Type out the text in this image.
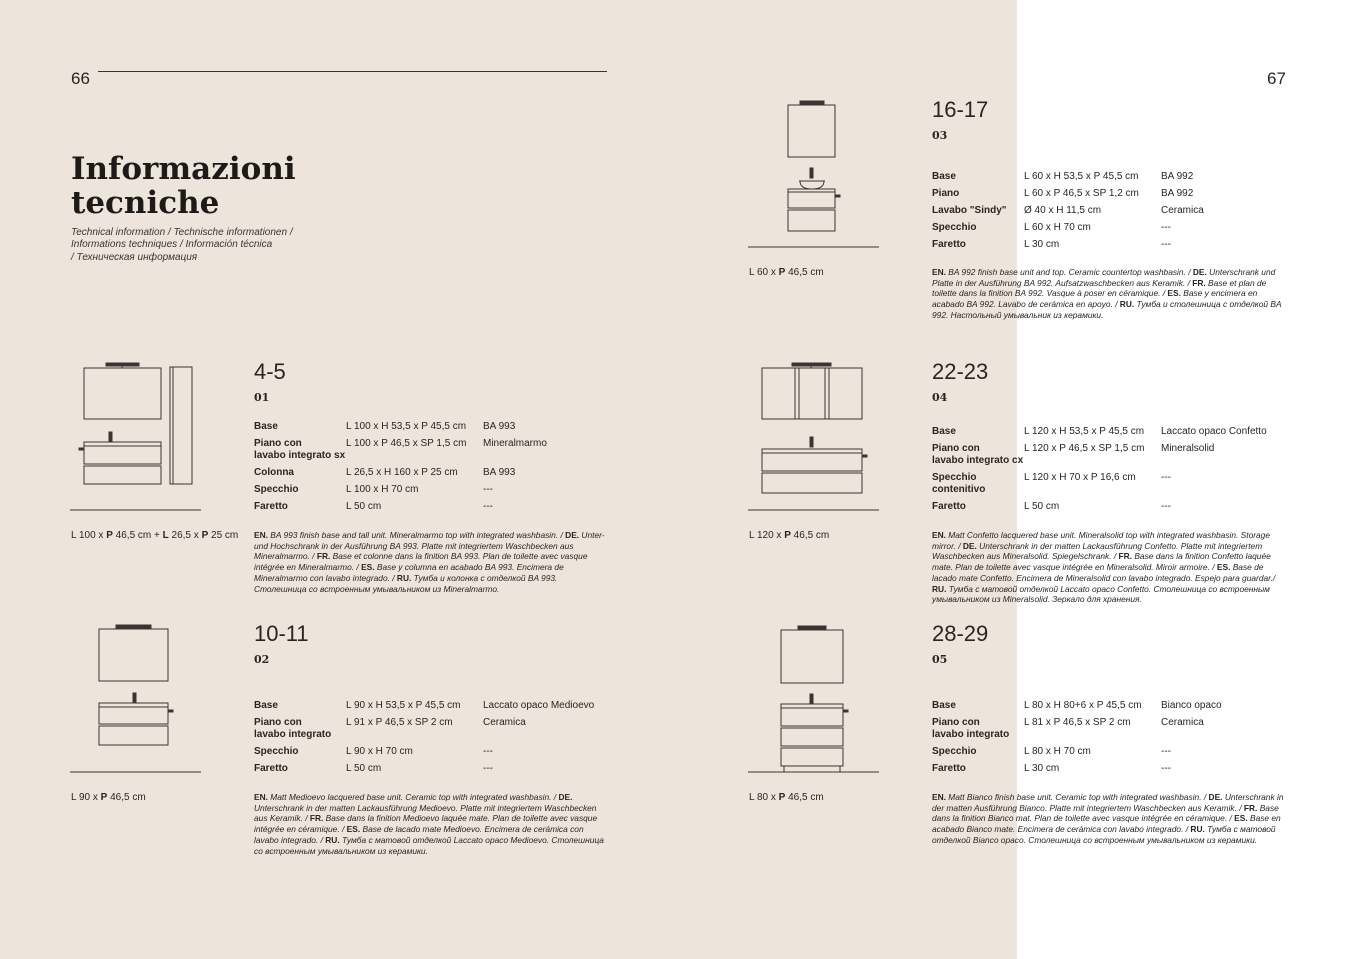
66	67
Informazioni
tecniche
Technical information / Technische informationen /
Informations techniques / Información técnica
/ Техническая информация
L 100 x P 46,5 cm + L 26,5 x P 25 cm
4-5
01
Base	L 100 x H 53,5 x P 45,5 cm	BA 993
Piano con
lavabo integrato sx	L 100 x P 46,5 x SP 1,5 cm	Mineralmarmo
Colonna	L 26,5 x H 160 x P 25 cm	BA 993
Specchio	L 100 x H 70 cm	---
Faretto	L 50 cm	---
EN. BA 993 finish base and tall unit. Mineralmarmo top with integrated washbasin. / DE. Unter- und Hochschrank in der Ausführung BA 993. Platte mit integriertem Waschbecken aus Mineralmarmo. / FR. Base et colonne dans la finition BA 993. Plan de toilette avec vasque intégrée en Mineralmarmo. / ES. Base y columna en acabado BA 993. Encimera de Mineralmarmo con lavabo integrado. / RU. Тумба и колонка с отделкой BA 993. Столешница со встроенным умывальником из Mineralmarmo.
L 90 x P 46,5 cm
10-11
02
Base	L 90 x H 53,5 x P 45,5 cm	Laccato opaco Medioevo
Piano con
lavabo integrato	L 91 x P 46,5 x SP 2 cm	Ceramica
Specchio	L 90 x H 70 cm	---
Faretto	L 50 cm	---
EN. Matt Medioevo lacquered base unit. Ceramic top with integrated washbasin. / DE. Unterschrank in der matten Lackausführung Medioevo. Platte mit integriertem Waschbecken aus Keramik. / FR. Base dans la finition Medioevo laquée mate. Plan de toilette avec vasque intégrée en céramique. / ES. Base de lacado mate Medioevo. Encimera de cerámica con lavabo integrado. / RU. Тумба с матовой отделкой Laccato opaco Medioevo. Столешница со встроенным умывальником из керамики.
L 60 x P 46,5 cm
16-17
03
Base	L 60 x H 53,5 x P 45,5 cm	BA 992
Piano	L 60 x P 46,5 x SP 1,2 cm	BA 992
Lavabo "Sindy"	Ø 40 x H 11,5 cm	Ceramica
Specchio	L 60 x H 70 cm	---
Faretto	L 30 cm	---
EN. BA 992 finish base unit and top. Ceramic countertop washbasin. / DE. Unterschrank und Platte in der Ausführung BA 992. Aufsatzwaschbecken aus Keramik. / FR. Base et plan de toilette dans la finition BA 992. Vasque à poser en céramique. / ES. Base y encimera en acabado BA 992. Lavabo de cerámica en apoyo. / RU. Тумба и столешница с отделкой BA 992. Настольный умывальник из керамики.
L 120 x P 46,5 cm
22-23
04
Base	L 120 x H 53,5 x P 45,5 cm	Laccato opaco Confetto
Piano con
lavabo integrato cx	L 120 x P 46,5 x SP 1,5 cm	Mineralsolid
Specchio
contenitivo	L 120 x H 70 x P 16,6 cm	---
Faretto	L 50 cm	---
EN. Matt Confetto lacquered base unit. Mineralsolid top with integrated washbasin. Storage mirror. / DE. Unterschrank in der matten Lackausführung Confetto. Platte mit integriertem Waschbecken aus Mineralsolid. Spiegelschrank. / FR. Base dans la finition Confetto laquée mate. Plan de toilette avec vasque intégrée en Mineralsolid. Miroir armoire. / ES. Base de lacado mate Confetto. Encimera de Mineralsolid con lavabo integrado. Espejo para guardar./ RU. Тумба с матовой отделкой Laccato opaco Confetto. Столешница со встроенным умывальником из Mineralsolid. Зеркало для хранения.
L 80 x P 46,5 cm
28-29
05
Base	L 80 x H 80+6 x P 45,5 cm	Bianco opaco
Piano con
lavabo integrato	L 81 x P 46,5 x SP 2 cm	Ceramica
Specchio	L 80 x H 70 cm	---
Faretto	L 30 cm	---
EN. Matt Bianco finish base unit. Ceramic top with integrated washbasin. / DE. Unterschrank in der matten Ausführung Bianco. Platte mit integriertem Waschbecken aus Keramik. / FR. Base dans la finition Bianco mat. Plan de toilette avec vasque intégrée en céramique. / ES. Base en acabado Bianco mate. Encimera de cerámica con lavabo integrado. / RU. Тумба с матовой отделкой Bianco opaco. Столешница со встроенным умывальником из керамики.
